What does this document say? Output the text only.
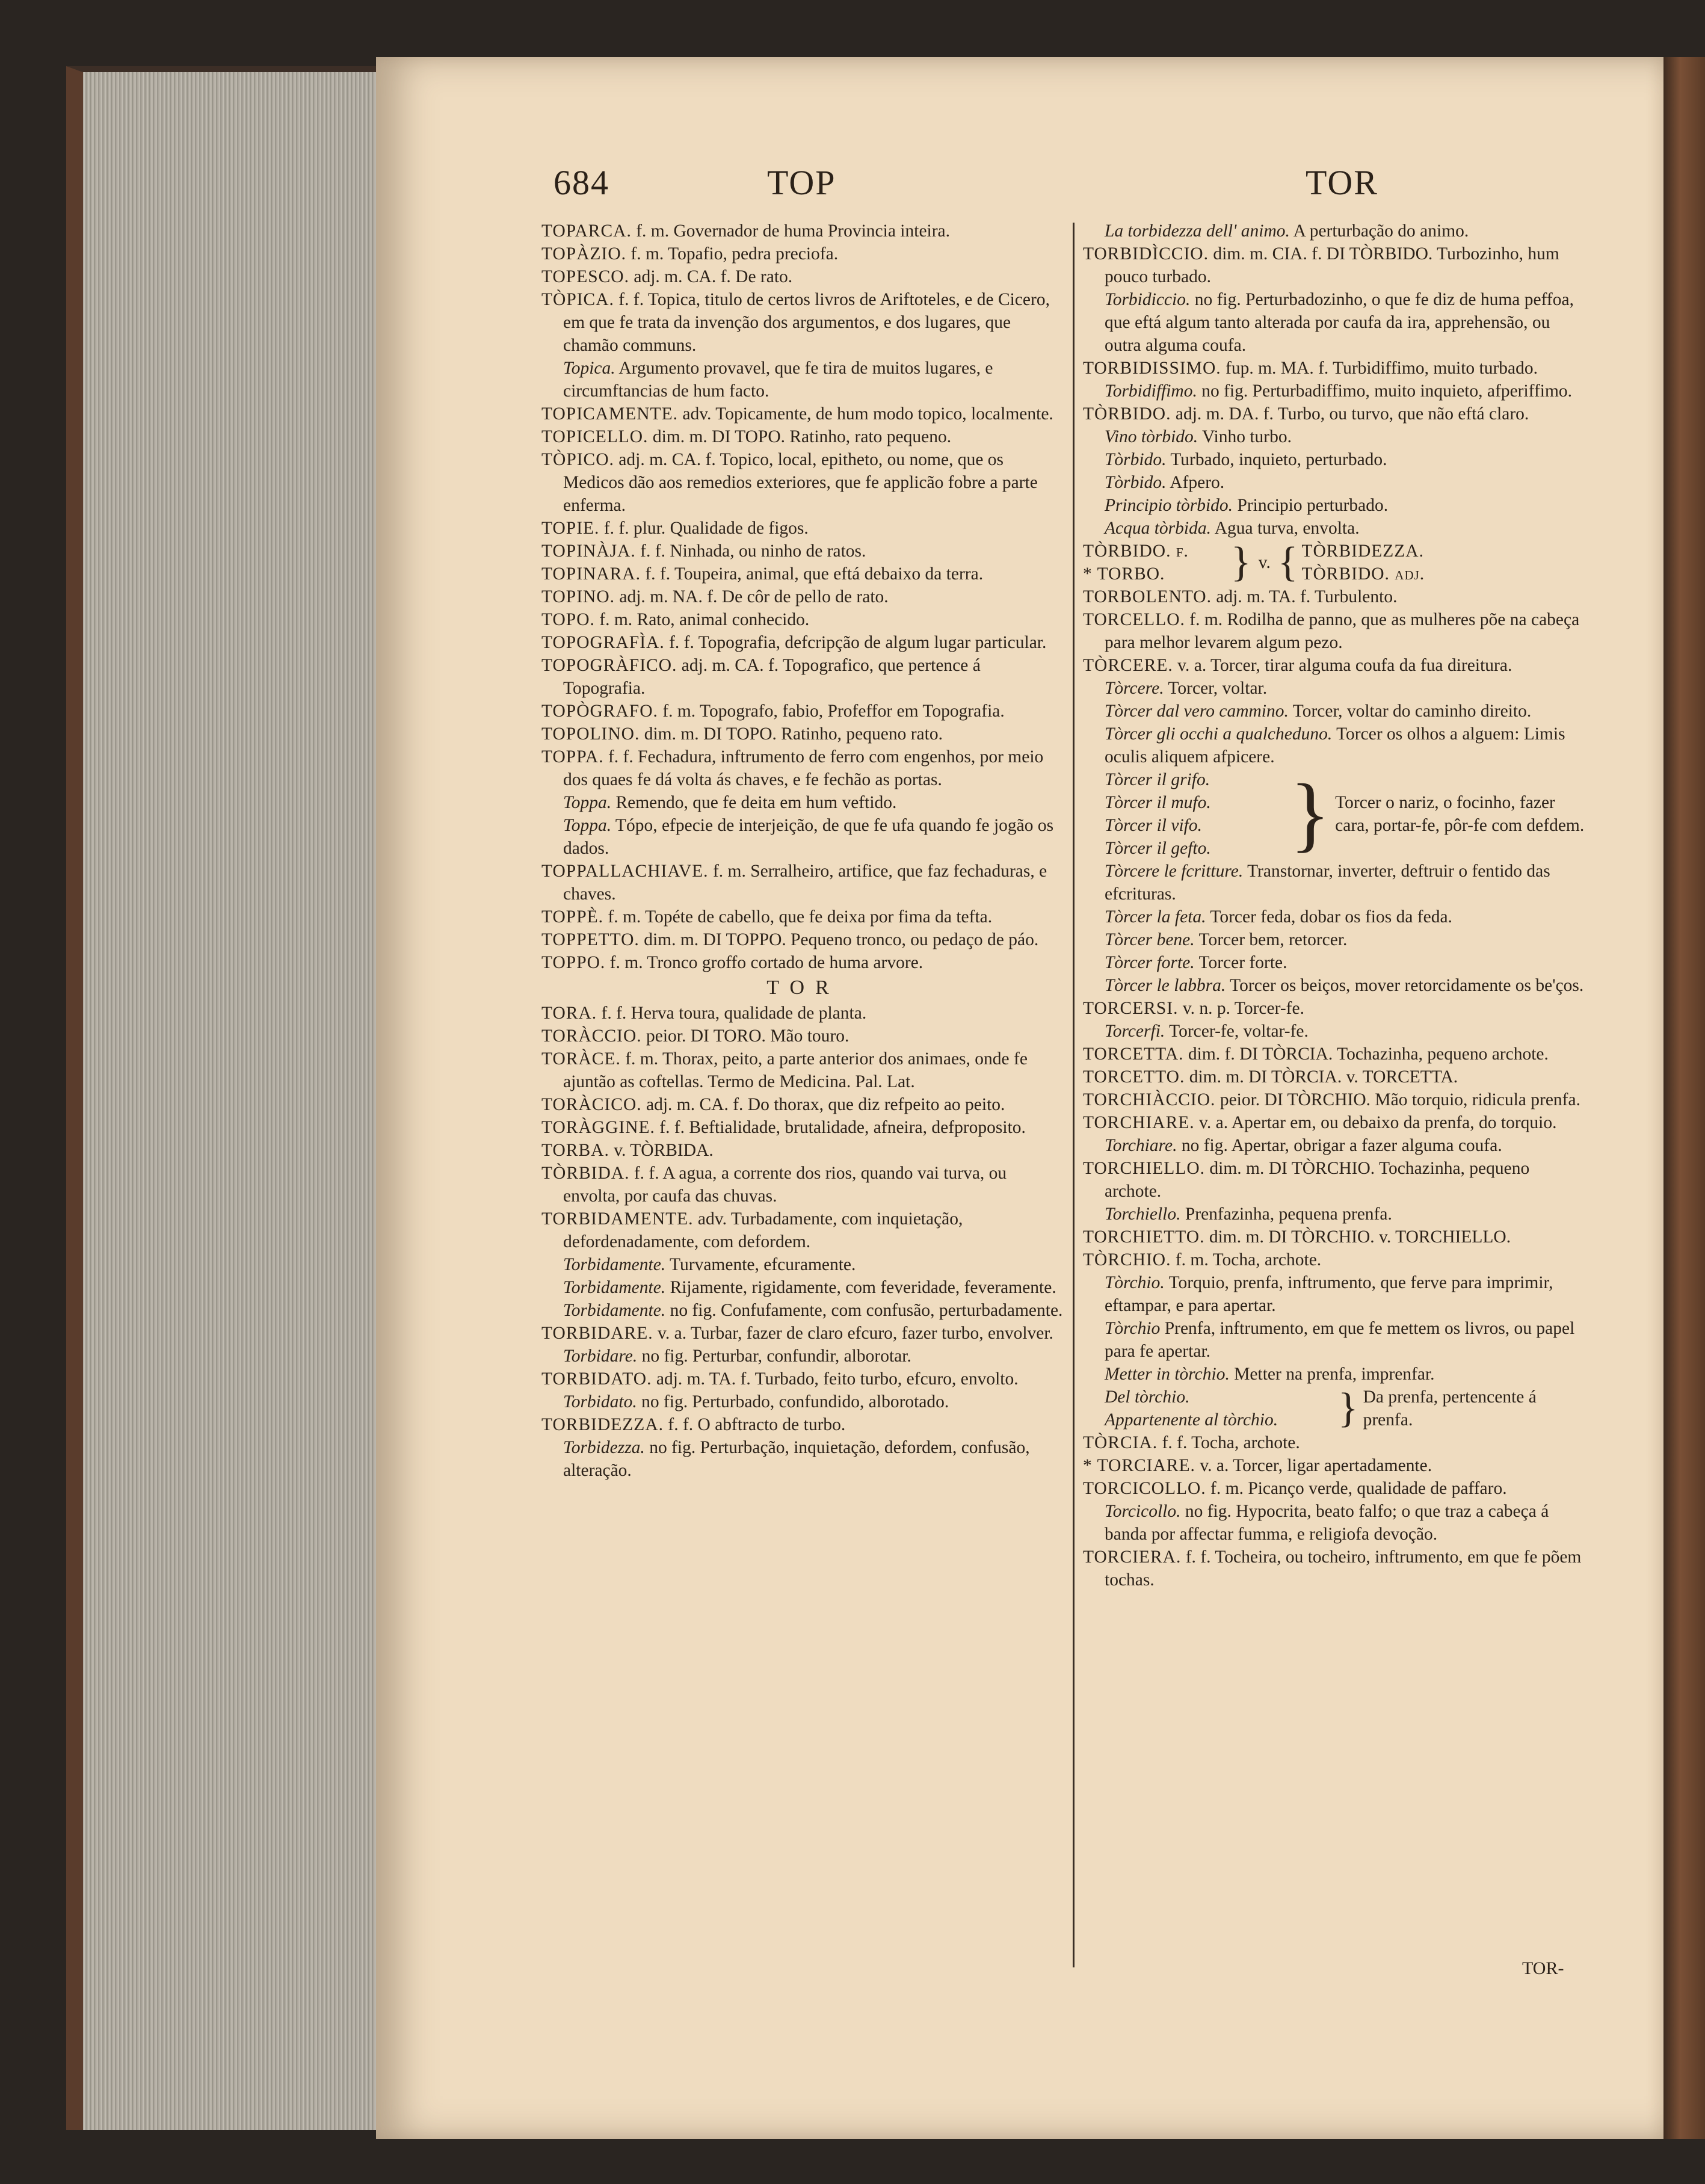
684	TOP	TOR

TOPARCA. f. m. Governador de huma Provincia inteira.

TOPÀZIO. f. m. Topafio, pedra preciofa.

TOPESCO. adj. m. CA. f. De rato.

TÒPICA. f. f. Topica, titulo de certos livros de Ariftoteles, e de Cicero, em que fe trata da invenção dos argumentos, e dos lugares, que chamão communs.

Topica. Argumento provavel, que fe tira de muitos lugares, e circumftancias de hum facto.

TOPICAMENTE. adv. Topicamente, de hum modo topico, localmente.

TOPICELLO. dim. m. DI TOPO. Ratinho, rato pequeno.

TÒPICO. adj. m. CA. f. Topico, local, epitheto, ou nome, que os Medicos dão aos remedios exteriores, que fe applicão fobre a parte enferma.

TOPIE. f. f. plur. Qualidade de figos.

TOPINÀJA. f. f. Ninhada, ou ninho de ratos.

TOPINARA. f. f. Toupeira, animal, que eftá debaixo da terra.

TOPINO. adj. m. NA. f. De côr de pello de rato.

TOPO. f. m. Rato, animal conhecido.

TOPOGRAFÌA. f. f. Topografia, defcripção de algum lugar particular.

TOPOGRÀFICO. adj. m. CA. f. Topografico, que pertence á Topografia.

TOPÒGRAFO. f. m. Topografo, fabio, Profeffor em Topografia.

TOPOLINO. dim. m. DI TOPO. Ratinho, pequeno rato.

TOPPA. f. f. Fechadura, inftrumento de ferro com engenhos, por meio dos quaes fe dá volta ás chaves, e fe fechão as portas.

Toppa. Remendo, que fe deita em hum veftido.

Toppa. Tópo, efpecie de interjeição, de que fe ufa quando fe jogão os dados.

TOPPALLACHIAVE. f. m. Serralheiro, artifice, que faz fechaduras, e chaves.

TOPPÈ. f. m. Topéte de cabello, que fe deixa por fima da tefta.

TOPPETTO. dim. m. DI TOPPO. Pequeno tronco, ou pedaço de páo.

TOPPO. f. m. Tronco groffo cortado de huma arvore.

TOR

TORA. f. f. Herva toura, qualidade de planta.

TORÀCCIO. peior. DI TORO. Mão touro.

TORÀCE. f. m. Thorax, peito, a parte anterior dos animaes, onde fe ajuntão as coftellas. Termo de Medicina. Pal. Lat.

TORÀCICO. adj. m. CA. f. Do thorax, que diz refpeito ao peito.

TORÀGGINE. f. f. Beftialidade, brutalidade, afneira, defproposito.

TORBA. v. TÒRBIDA.

TÒRBIDA. f. f. A agua, a corrente dos rios, quando vai turva, ou envolta, por caufa das chuvas.

TORBIDAMENTE. adv. Turbadamente, com inquietação, defordenadamente, com defordem.

Torbidamente. Turvamente, efcuramente.

Torbidamente. Rijamente, rigidamente, com feveridade, feveramente.

Torbidamente. no fig. Confufamente, com confusão, perturbadamente.

TORBIDARE. v. a. Turbar, fazer de claro efcuro, fazer turbo, envolver.

Torbidare. no fig. Perturbar, confundir, alborotar.

TORBIDATO. adj. m. TA. f. Turbado, feito turbo, efcuro, envolto.

Torbidato. no fig. Perturbado, confundido, alborotado.

TORBIDEZZA. f. f. O abftracto de turbo.

Torbidezza. no fig. Perturbação, inquietação, defordem, confusão, alteração.

La torbidezza dell' animo. A perturbação do animo.

TORBIDÌCCIO. dim. m. CIA. f. DI TÒRBIDO. Turbozinho, hum pouco turbado.

Torbidiccio. no fig. Perturbadozinho, o que fe diz de huma peffoa, que eftá algum tanto alterada por caufa da ira, apprehensão, ou outra alguma coufa.

TORBIDISSIMO. fup. m. MA. f. Turbidiffimo, muito turbado.

Torbidiffimo. no fig. Perturbadiffimo, muito inquieto, afperiffimo.

TÒRBIDO. adj. m. DA. f. Turbo, ou turvo, que não eftá claro.

Vino tòrbido. Vinho turbo.

Tòrbido. Turbado, inquieto, perturbado.

Tòrbido. Afpero.

Principio tòrbido. Principio perturbado.

Acqua tòrbida. Agua turva, envolta.

TÒRBIDO. f.
* TORBO.	} v. { TÒRBIDEZZA.
TÒRBIDO. adj.

TORBOLENTO. adj. m. TA. f. Turbulento.

TORCELLO. f. m. Rodilha de panno, que as mulheres põe na cabeça para melhor levarem algum pezo.

TÒRCERE. v. a. Torcer, tirar alguma coufa da fua direitura.

Tòrcere. Torcer, voltar.

Tòrcer dal vero cammino. Torcer, voltar do caminho direito.

Tòrcer gli occhi a qualcheduno. Torcer os olhos a alguem: Limis oculis aliquem afpicere.

Tòrcer il grifo.
Tòrcer il mufo.
Tòrcer il vifo.
Tòrcer il gefto. } Torcer o nariz, o focinho, fazer cara, portar-fe, pôr-fe com defdem.

Tòrcere le fcritture. Transtornar, inverter, deftruir o fentido das efcrituras.

Tòrcer la feta. Torcer feda, dobar os fios da feda.

Tòrcer bene. Torcer bem, retorcer.

Tòrcer forte. Torcer forte.

Tòrcer le labbra. Torcer os beiços, mover retorcidamente os be'ços.

TORCERSI. v. n. p. Torcer-fe.

Torcerfi. Torcer-fe, voltar-fe.

TORCETTA. dim. f. DI TÒRCIA. Tochazinha, pequeno archote.

TORCETTO. dim. m. DI TÒRCIA. v. TORCETTA.

TORCHIÀCCIO. peior. DI TÒRCHIO. Mão torquio, ridicula prenfa.

TORCHIARE. v. a. Apertar em, ou debaixo da prenfa, do torquio.

Torchiare. no fig. Apertar, obrigar a fazer alguma coufa.

TORCHIELLO. dim. m. DI TÒRCHIO. Tochazinha, pequeno archote.

Torchiello. Prenfazinha, pequena prenfa.

TORCHIETTO. dim. m. DI TÒRCHIO. v. TORCHIELLO.

TÒRCHIO. f. m. Tocha, archote.

Tòrchio. Torquio, prenfa, inftrumento, que ferve para imprimir, eftampar, e para apertar.

Tòrchio Prenfa, inftrumento, em que fe mettem os livros, ou papel para fe apertar.

Metter in tòrchio. Metter na prenfa, imprenfar.

Del tòrchio.
Appartenente al tòrchio.	} Da prenfa, pertencente á prenfa.

TÒRCIA. f. f. Tocha, archote.

* TORCIARE. v. a. Torcer, ligar apertadamente.

TORCICOLLO. f. m. Picanço verde, qualidade de paffaro.

Torcicollo. no fig. Hypocrita, beato falfo; o que traz a cabeça á banda por affectar fumma, e religiofa devoção.

TORCIERA. f. f. Tocheira, ou tocheiro, inftrumento, em que fe põem tochas.

TOR-
